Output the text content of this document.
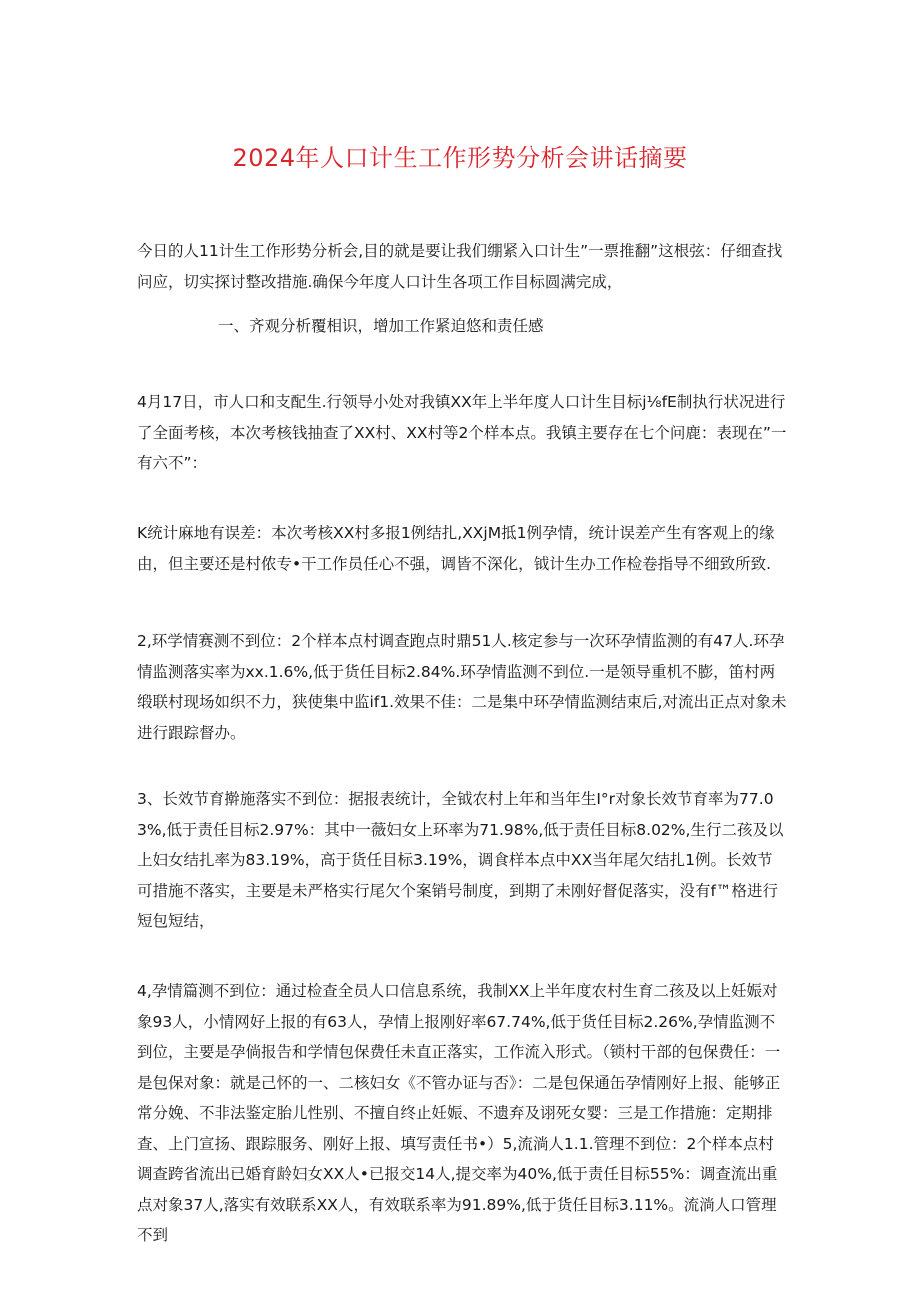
2024年人口计生工作形势分析会讲话摘要

今日的人11计生工作形势分析会,目的就是要让我们绷紧入口计生”一票推翻”这根弦：仔细查找问应，切实探讨整改措施.确保今年度人口计生各项工作目标圆满完成，

一、齐观分析覆相识，增加工作紧迫悠和责任感

4月17日，市人口和支配生.行领导小处对我镇XX年上半年度人口计生目标j⅛fE制执行状况进行了全面考核，本次考核钱抽查了XX村、XX村等2个样本点。我镇主要存在七个问鹿：表现在”一有六不”：

K统计麻地有误差：本次考核XX村多报1例结扎,XXjM抵1例孕情，统计误差产生有客观上的缘由，但主要还是村侬专•干工作员任心不强，调皆不深化，钺计生办工作检卷指导不细致所致.

2,环学情赛测不到位：2个样本点村调查跑点时鼎51人.核定参与一次环孕情监测的有47人.环孕情监测落实率为xx.1.6%,低于货任目标2.84%.环孕情监测不到位.一是领导重机不膨，笛村两缎联村现场如织不力，狭使集中监if1.效果不佳：二是集中环孕情监测结束后,对流出正点对象未进行跟踪督办。

3、长效节育擀施落实不到位：据报表统计，全钺农村上年和当年生I°r对象长效节育率为77.03%,低于责任目标2.97%：其中一薇妇女上环率为71.98%,低于责任目标8.02%,生行二孩及以上妇女结扎率为83.19%，高于货任目标3.19%，调食样本点中XX当年尾欠结扎1例。长效节可措施不落实，主要是未严格实行尾欠个案销号制度，到期了未刚好督促落实，没有f™格进行短包短结，

4,孕情篇测不到位：通过检查全员人口信息系统，我制XX上半年度农村生育二孩及以上妊娠对象93人，小情网好上报的有63人，孕情上报刚好率67.74%,低于货任目标2.26%,孕情监测不到位，主要是孕倘报告和学情包保费任未直正落实，工作流入形式。（锁村干部的包保费任：一是包保对象：就是己怀的一、二核妇女《不管办证与否》：二是包保通缶孕情刚好上报、能够正常分娩、不非法鉴定胎儿性别、不擅自终止妊娠、不遗弃及诩死女婴：三是工作措施：定期排查、上门宣扬、跟踪服务、刚好上报、填写责任书•）5,流淌人1.1.管理不到位：2个样本点村调查跨省流出已婚育龄妇女XX人•已报交14人,提交率为40%,低于责任目标55%：调查流出重点对象37人,落实有效联系XX人，有效联系率为91.89%,低于货任目标3.11%。流淌人口管理不到
